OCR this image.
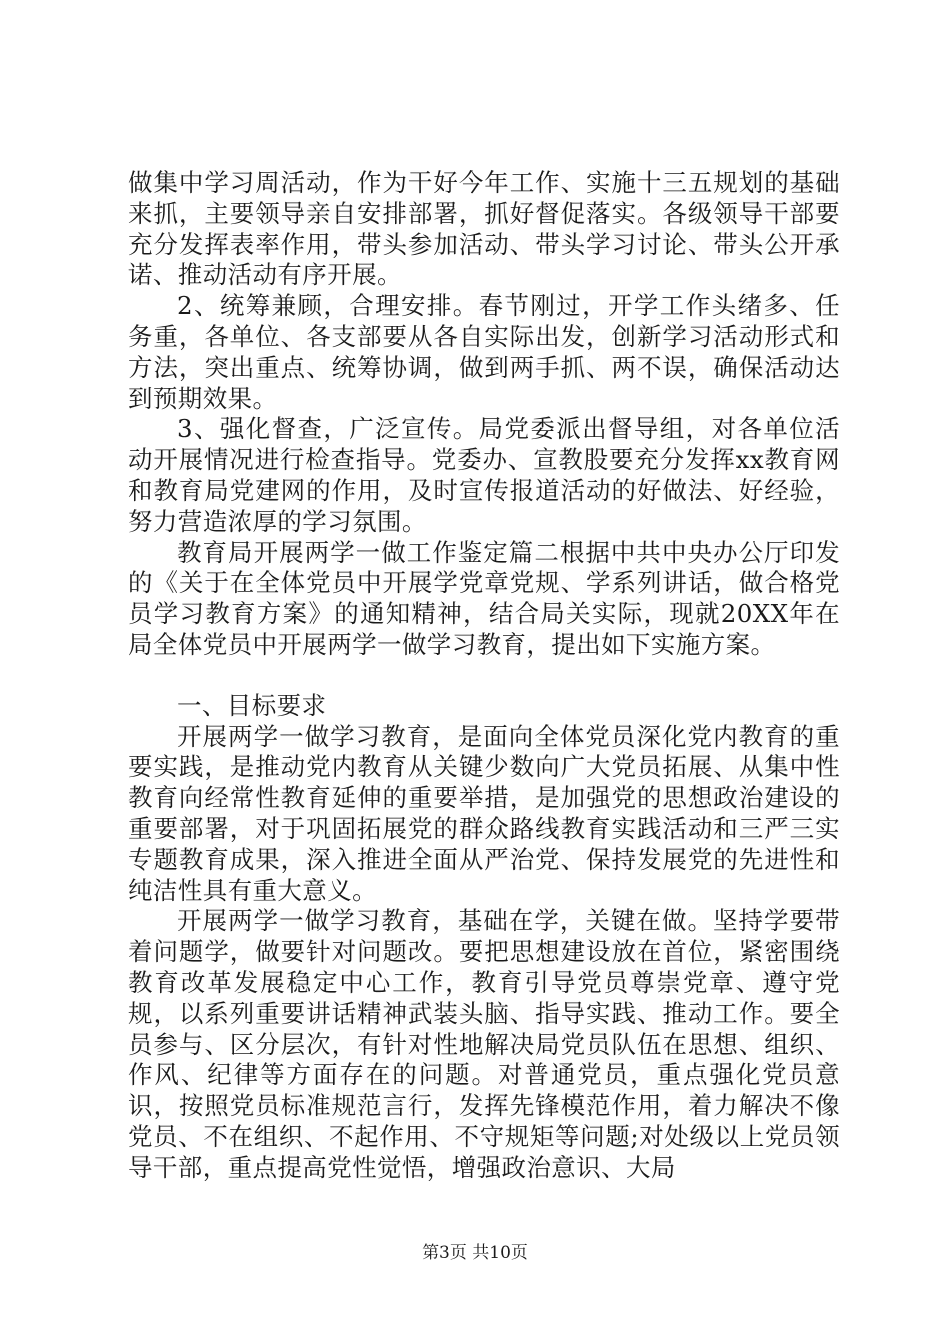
做集中学习周活动，作为干好今年工作、实施十三五规划的基础来抓，主要领导亲自安排部署，抓好督促落实。各级领导干部要充分发挥表率作用，带头参加活动、带头学习讨论、带头公开承诺、推动活动有序开展。

2、统筹兼顾，合理安排。春节刚过，开学工作头绪多、任务重，各单位、各支部要从各自实际出发，创新学习活动形式和方法，突出重点、统筹协调，做到两手抓、两不误，确保活动达到预期效果。

3、强化督查，广泛宣传。局党委派出督导组，对各单位活动开展情况进行检查指导。党委办、宣教股要充分发挥xx教育网和教育局党建网的作用，及时宣传报道活动的好做法、好经验，努力营造浓厚的学习氛围。

教育局开展两学一做工作鉴定篇二根据中共中央办公厅印发的《关于在全体党员中开展学党章党规、学系列讲话，做合格党员学习教育方案》的通知精神，结合局关实际，现就20XX年在局全体党员中开展两学一做学习教育，提出如下实施方案。

一、目标要求

开展两学一做学习教育，是面向全体党员深化党内教育的重要实践，是推动党内教育从关键少数向广大党员拓展、从集中性教育向经常性教育延伸的重要举措，是加强党的思想政治建设的重要部署，对于巩固拓展党的群众路线教育实践活动和三严三实专题教育成果，深入推进全面从严治党、保持发展党的先进性和纯洁性具有重大意义。

开展两学一做学习教育，基础在学，关键在做。坚持学要带着问题学，做要针对问题改。要把思想建设放在首位，紧密围绕教育改革发展稳定中心工作，教育引导党员尊崇党章、遵守党规，以系列重要讲话精神武装头脑、指导实践、推动工作。要全员参与、区分层次，有针对性地解决局党员队伍在思想、组织、作风、纪律等方面存在的问题。对普通党员，重点强化党员意识，按照党员标准规范言行，发挥先锋模范作用，着力解决不像党员、不在组织、不起作用、不守规矩等问题;对处级以上党员领导干部，重点提高党性觉悟，增强政治意识、大局

第3页 共10页
